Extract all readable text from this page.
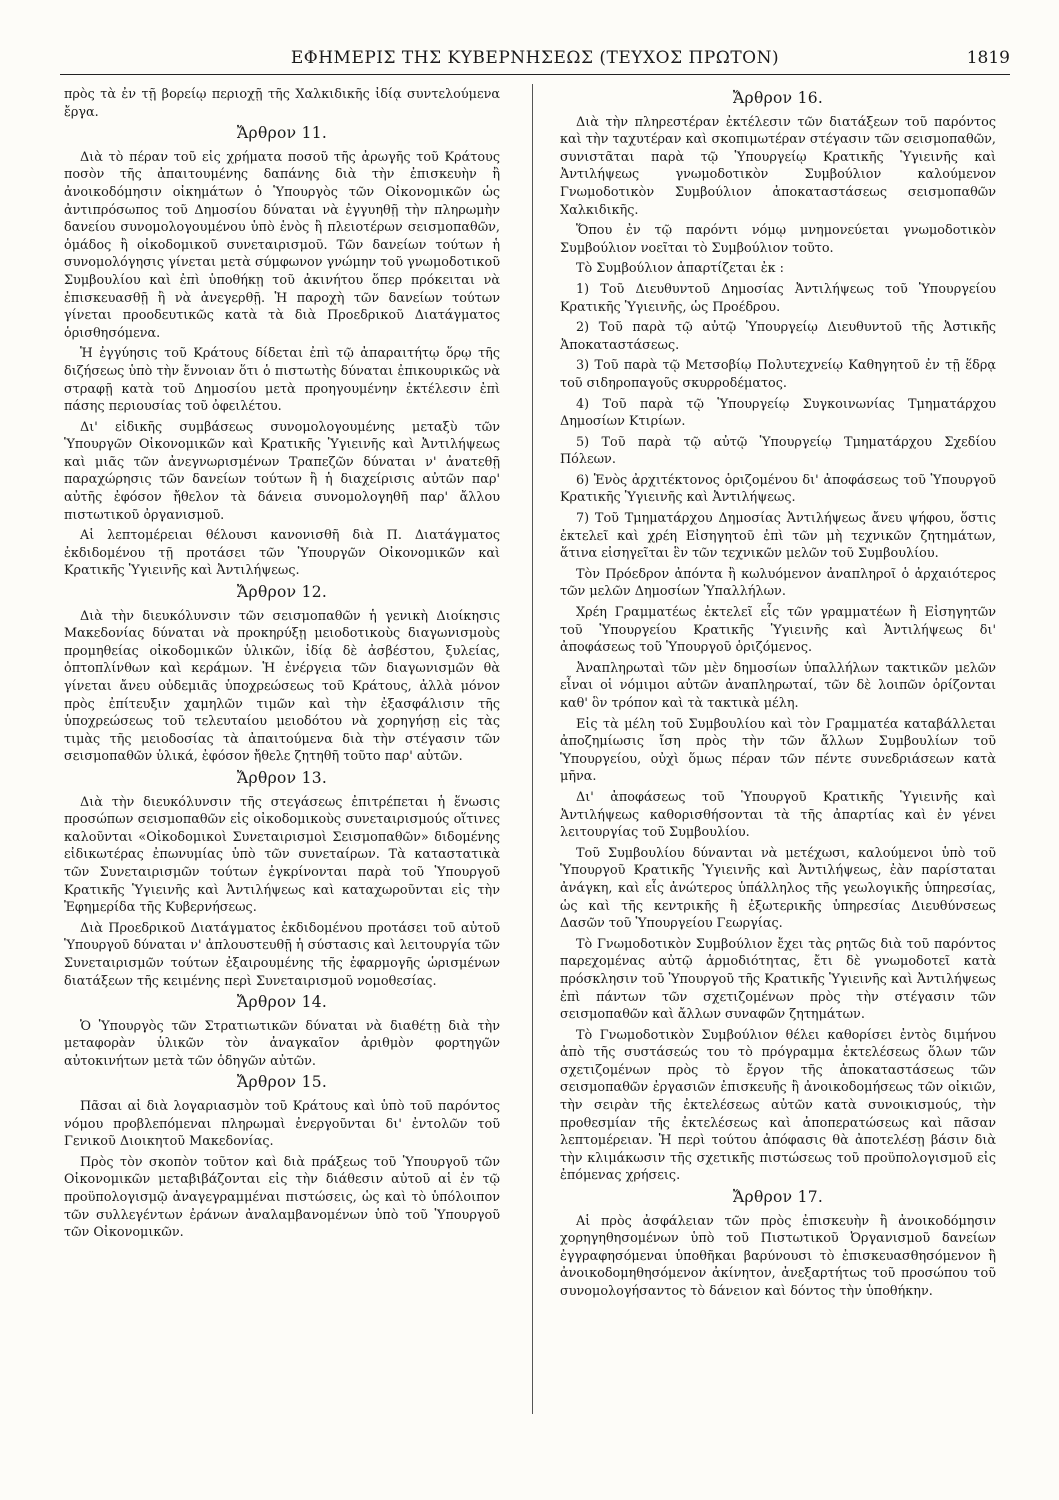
ΕΦΗΜΕΡΙΣ ΤΗΣ ΚΥΒΕΡΝΗΣΕΩΣ (ΤΕΥΧΟΣ ΠΡΩΤΟΝ)	1819

πρὸς τὰ ἐν τῇ βορείῳ περιοχῇ τῆς Χαλκιδικῆς ἰδίᾳ συντελούμενα ἔργα.

Ἄρθρον 11.

Διὰ τὸ πέραν τοῦ εἰς χρήματα ποσοῦ τῆς ἀρωγῆς τοῦ Κράτους ποσὸν τῆς ἀπαιτουμένης δαπάνης διὰ τὴν ἐπισκευὴν ἢ ἀνοικοδόμησιν οἰκημάτων ὁ Ὑπουργὸς τῶν Οἰκονομικῶν ὡς ἀντιπρόσωπος τοῦ Δημοσίου δύναται νὰ ἐγγυηθῇ τὴν πληρωμὴν δανείου συνομολογουμένου ὑπὸ ἑνὸς ἢ πλειοτέρων σεισμοπαθῶν, ὁμάδος ἢ οἰκοδομικοῦ συνεταιρισμοῦ. Τῶν δανείων τούτων ἡ συνομολόγησις γίνεται μετὰ σύμφωνον γνώμην τοῦ γνωμοδοτικοῦ Συμβουλίου καὶ ἐπὶ ὑποθήκῃ τοῦ ἀκινήτου ὅπερ πρόκειται νὰ ἐπισκευασθῇ ἢ νὰ ἀνεγερθῇ. Ἡ παροχὴ τῶν δανείων τούτων γίνεται προοδευτικῶς κατὰ τὰ διὰ Προεδρικοῦ Διατάγματος ὁρισθησόμενα.

Ἡ ἐγγύησις τοῦ Κράτους δίδεται ἐπὶ τῷ ἀπαραιτήτῳ ὅρῳ τῆς διζήσεως ὑπὸ τὴν ἔννοιαν ὅτι ὁ πιστωτὴς δύναται ἐπικουρικῶς νὰ στραφῇ κατὰ τοῦ Δημοσίου μετὰ προηγουμένην ἐκτέλεσιν ἐπὶ πάσης περιουσίας τοῦ ὀφειλέτου.

Δι' εἰδικῆς συμβάσεως συνομολογουμένης μεταξὺ τῶν Ὑπουργῶν Οἰκονομικῶν καὶ Κρατικῆς Ὑγιεινῆς καὶ Ἀντιλήψεως καὶ μιᾶς τῶν ἀνεγνωρισμένων Τραπεζῶν δύναται ν' ἀνατεθῇ παραχώρησις τῶν δανείων τούτων ἢ ἡ διαχείρισις αὐτῶν παρ' αὐτῆς ἐφόσον ἤθελον τὰ δάνεια συνομολογηθῆ παρ' ἄλλου πιστωτικοῦ ὀργανισμοῦ.

Αἱ λεπτομέρειαι θέλουσι κανονισθῆ διὰ Π. Διατάγματος ἐκδιδομένου τῇ προτάσει τῶν Ὑπουργῶν Οἰκονομικῶν καὶ Κρατικῆς Ὑγιεινῆς καὶ Ἀντιλήψεως.

Ἄρθρον 12.

Διὰ τὴν διευκόλυνσιν τῶν σεισμοπαθῶν ἡ γενικὴ Διοίκησις Μακεδονίας δύναται νὰ προκηρύξῃ μειοδοτικοὺς διαγωνισμοὺς προμηθείας οἰκοδομικῶν ὑλικῶν, ἰδίᾳ δὲ ἀσβέστου, ξυλείας, ὀπτοπλίνθων καὶ κεράμων. Ἡ ἐνέργεια τῶν διαγωνισμῶν θὰ γίνεται ἄνευ οὐδεμιᾶς ὑποχρεώσεως τοῦ Κράτους, ἀλλὰ μόνον πρὸς ἐπίτευξιν χαμηλῶν τιμῶν καὶ τὴν ἐξασφάλισιν τῆς ὑποχρεώσεως τοῦ τελευταίου μειοδότου νὰ χορηγήσῃ εἰς τὰς τιμὰς τῆς μειοδοσίας τὰ ἀπαιτούμενα διὰ τὴν στέγασιν τῶν σεισμοπαθῶν ὑλικά, ἐφόσον ἤθελε ζητηθῆ τοῦτο παρ' αὐτῶν.

Ἄρθρον 13.

Διὰ τὴν διευκόλυνσιν τῆς στεγάσεως ἐπιτρέπεται ἡ ἕνωσις προσώπων σεισμοπαθῶν εἰς οἰκοδομικοὺς συνεταιρισμούς οἵτινες καλοῦνται «Οἰκοδομικοὶ Συνεταιρισμοὶ Σεισμοπαθῶν» διδομένης εἰδικωτέρας ἐπωνυμίας ὑπὸ τῶν συνεταίρων. Τὰ καταστατικὰ τῶν Συνεταιρισμῶν τούτων ἐγκρίνονται παρὰ τοῦ Ὑπουργοῦ Κρατικῆς Ὑγιεινῆς καὶ Ἀντιλήψεως καὶ καταχωροῦνται εἰς τὴν Ἐφημερίδα τῆς Κυβερνήσεως.

Διὰ Προεδρικοῦ Διατάγματος ἐκδιδομένου προτάσει τοῦ αὐτοῦ Ὑπουργοῦ δύναται ν' ἀπλουστευθῇ ἡ σύστασις καὶ λειτουργία τῶν Συνεταιρισμῶν τούτων ἐξαιρουμένης τῆς ἐφαρμογῆς ὡρισμένων διατάξεων τῆς κειμένης περὶ Συνεταιρισμοῦ νομοθεσίας.

Ἄρθρον 14.

Ὁ Ὑπουργὸς τῶν Στρατιωτικῶν δύναται νὰ διαθέτῃ διὰ τὴν μεταφορὰν ὑλικῶν τὸν ἀναγκαῖον ἀριθμὸν φορτηγῶν αὐτοκινήτων μετὰ τῶν ὁδηγῶν αὐτῶν.

Ἄρθρον 15.

Πᾶσαι αἱ διὰ λογαριασμὸν τοῦ Κράτους καὶ ὑπὸ τοῦ παρόντος νόμου προβλεπόμεναι πληρωμαὶ ἐνεργοῦνται δι' ἐντολῶν τοῦ Γενικοῦ Διοικητοῦ Μακεδονίας.

Πρὸς τὸν σκοπὸν τοῦτον καὶ διὰ πράξεως τοῦ Ὑπουργοῦ τῶν Οἰκονομικῶν μεταβιβάζονται εἰς τὴν διάθεσιν αὐτοῦ αἱ ἐν τῷ προϋπολογισμῷ ἀναγεγραμμέναι πιστώσεις, ὡς καὶ τὸ ὑπόλοιπον τῶν συλλεγέντων ἐράνων ἀναλαμβανομένων ὑπὸ τοῦ Ὑπουργοῦ τῶν Οἰκονομικῶν.

Ἄρθρον 16.

Διὰ τὴν πληρεστέραν ἐκτέλεσιν τῶν διατάξεων τοῦ παρόντος καὶ τὴν ταχυτέραν καὶ σκοπιμωτέραν στέγασιν τῶν σεισμοπαθῶν, συνιστᾶται παρὰ τῷ Ὑπουργείῳ Κρατικῆς Ὑγιεινῆς καὶ Ἀντιλήψεως γνωμοδοτικὸν Συμβούλιον καλούμενον Γνωμοδοτικὸν Συμβούλιον ἀποκαταστάσεως σεισμοπαθῶν Χαλκιδικῆς.

Ὅπου ἐν τῷ παρόντι νόμῳ μνημονεύεται γνωμοδοτικὸν Συμβούλιον νοεῖται τὸ Συμβούλιον τοῦτο.

Τὸ Συμβούλιον ἀπαρτίζεται ἐκ :

1) Τοῦ Διευθυντοῦ Δημοσίας Ἀντιλήψεως τοῦ Ὑπουργείου Κρατικῆς Ὑγιεινῆς, ὡς Προέδρου.

2) Τοῦ παρὰ τῷ αὐτῷ Ὑπουργείῳ Διευθυντοῦ τῆς Ἀστικῆς Ἀποκαταστάσεως.

3) Τοῦ παρὰ τῷ Μετσοβίῳ Πολυτεχνείῳ Καθηγητοῦ ἐν τῇ ἕδρᾳ τοῦ σιδηροπαγοῦς σκυρροδέματος.

4) Τοῦ παρὰ τῷ Ὑπουργείῳ Συγκοινωνίας Τμηματάρχου Δημοσίων Κτιρίων.

5) Τοῦ παρὰ τῷ αὐτῷ Ὑπουργείῳ Τμηματάρχου Σχεδίου Πόλεων.

6) Ἑνὸς ἀρχιτέκτονος ὁριζομένου δι' ἀποφάσεως τοῦ Ὑπουργοῦ Κρατικῆς Ὑγιεινῆς καὶ Ἀντιλήψεως.

7) Τοῦ Τμηματάρχου Δημοσίας Ἀντιλήψεως ἄνευ ψήφου, ὅστις ἐκτελεῖ καὶ χρέη Εἰσηγητοῦ ἐπὶ τῶν μὴ τεχνικῶν ζητημάτων, ἅτινα εἰσηγεῖται ἓν τῶν τεχνικῶν μελῶν τοῦ Συμβουλίου.

Τὸν Πρόεδρον ἀπόντα ἢ κωλυόμενον ἀναπληροῖ ὁ ἀρχαιότερος τῶν μελῶν Δημοσίων Ὑπαλλήλων.

Χρέη Γραμματέως ἐκτελεῖ εἷς τῶν γραμματέων ἢ Εἰσηγητῶν τοῦ Ὑπουργείου Κρατικῆς Ὑγιεινῆς καὶ Ἀντιλήψεως δι' ἀποφάσεως τοῦ Ὑπουργοῦ ὁριζόμενος.

Ἀναπληρωταὶ τῶν μὲν δημοσίων ὑπαλλήλων τακτικῶν μελῶν εἶναι οἱ νόμιμοι αὐτῶν ἀναπληρωταί, τῶν δὲ λοιπῶν ὁρίζονται καθ' ὃν τρόπον καὶ τὰ τακτικὰ μέλη.

Εἰς τὰ μέλη τοῦ Συμβουλίου καὶ τὸν Γραμματέα καταβάλλεται ἀποζημίωσις ἴση πρὸς τὴν τῶν ἄλλων Συμβουλίων τοῦ Ὑπουργείου, οὐχὶ ὅμως πέραν τῶν πέντε συνεδριάσεων κατὰ μῆνα.

Δι' ἀποφάσεως τοῦ Ὑπουργοῦ Κρατικῆς Ὑγιεινῆς καὶ Ἀντιλήψεως καθορισθήσονται τὰ τῆς ἀπαρτίας καὶ ἐν γένει λειτουργίας τοῦ Συμβουλίου.

Τοῦ Συμβουλίου δύνανται νὰ μετέχωσι, καλούμενοι ὑπὸ τοῦ Ὑπουργοῦ Κρατικῆς Ὑγιεινῆς καὶ Ἀντιλήψεως, ἐὰν παρίσταται ἀνάγκη, καὶ εἷς ἀνώτερος ὑπάλληλος τῆς γεωλογικῆς ὑπηρεσίας, ὡς καὶ τῆς κεντρικῆς ἢ ἐξωτερικῆς ὑπηρεσίας Διευθύνσεως Δασῶν τοῦ Ὑπουργείου Γεωργίας.

Τὸ Γνωμοδοτικὸν Συμβούλιον ἔχει τὰς ρητῶς διὰ τοῦ παρόντος παρεχομένας αὐτῷ ἁρμοδιότητας, ἔτι δὲ γνωμοδοτεῖ κατὰ πρόσκλησιν τοῦ Ὑπουργοῦ τῆς Κρατικῆς Ὑγιεινῆς καὶ Ἀντιλήψεως ἐπὶ πάντων τῶν σχετιζομένων πρὸς τὴν στέγασιν τῶν σεισμοπαθῶν καὶ ἄλλων συναφῶν ζητημάτων.

Τὸ Γνωμοδοτικὸν Συμβούλιον θέλει καθορίσει ἐντὸς διμήνου ἀπὸ τῆς συστάσεώς του τὸ πρόγραμμα ἐκτελέσεως ὅλων τῶν σχετιζομένων πρὸς τὸ ἔργον τῆς ἀποκαταστάσεως τῶν σεισμοπαθῶν ἐργασιῶν ἐπισκευῆς ἢ ἀνοικοδομήσεως τῶν οἰκιῶν, τὴν σειρὰν τῆς ἐκτελέσεως αὐτῶν κατὰ συνοικισμούς, τὴν προθεσμίαν τῆς ἐκτελέσεως καὶ ἀποπερατώσεως καὶ πᾶσαν λεπτομέρειαν. Ἡ περὶ τούτου ἀπόφασις θὰ ἀποτελέσῃ βάσιν διὰ τὴν κλιμάκωσιν τῆς σχετικῆς πιστώσεως τοῦ προϋπολογισμοῦ εἰς ἐπόμενας χρήσεις.

Ἄρθρον 17.

Αἱ πρὸς ἀσφάλειαν τῶν πρὸς ἐπισκευὴν ἢ ἀνοικοδόμησιν χορηγηθησομένων ὑπὸ τοῦ Πιστωτικοῦ Ὀργανισμοῦ δανείων ἐγγραφησόμεναι ὑποθῆκαι βαρύνουσι τὸ ἐπισκευασθησόμενον ἢ ἀνοικοδομηθησόμενον ἀκίνητον, ἀνεξαρτήτως τοῦ προσώπου τοῦ συνομολογήσαντος τὸ δάνειον καὶ δόντος τὴν ὑποθήκην.
